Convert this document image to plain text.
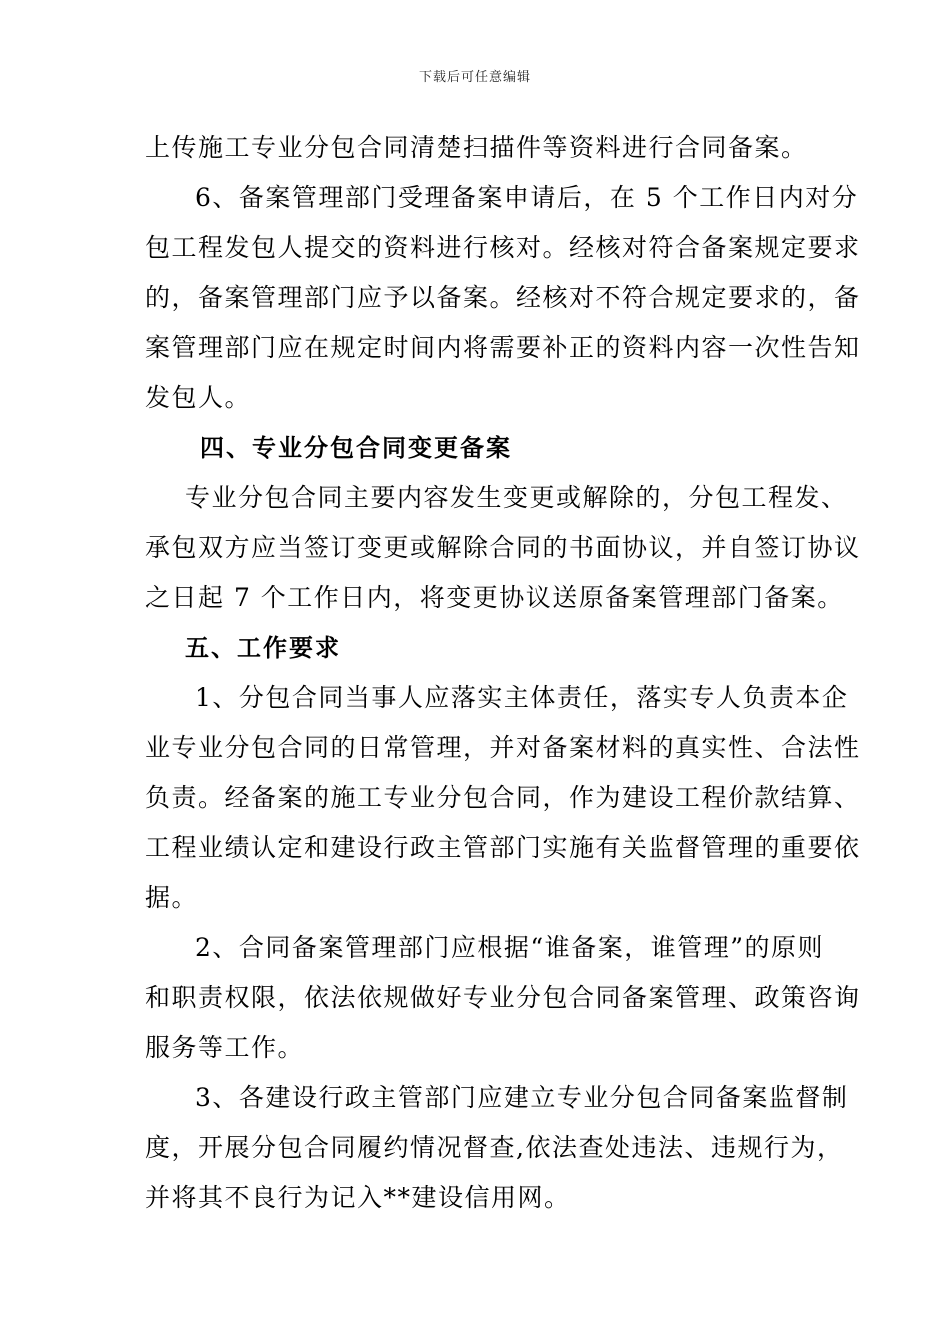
下载后可任意编辑
上传施工专业分包合同清楚扫描件等资料进行合同备案。
6、备案管理部门受理备案申请后，在 5 个工作日内对分
包工程发包人提交的资料进行核对。经核对符合备案规定要求
的，备案管理部门应予以备案。经核对不符合规定要求的，备
案管理部门应在规定时间内将需要补正的资料内容一次性告知
发包人。
四、专业分包合同变更备案
专业分包合同主要内容发生变更或解除的，分包工程发、
承包双方应当签订变更或解除合同的书面协议，并自签订协议
之日起 7 个工作日内，将变更协议送原备案管理部门备案。
五、工作要求
1、分包合同当事人应落实主体责任，落实专人负责本企
业专业分包合同的日常管理，并对备案材料的真实性、合法性
负责。经备案的施工专业分包合同，作为建设工程价款结算、
工程业绩认定和建设行政主管部门实施有关监督管理的重要依
据。
2、合同备案管理部门应根据“谁备案，谁管理”的原则
和职责权限，依法依规做好专业分包合同备案管理、政策咨询
服务等工作。
3、各建设行政主管部门应建立专业分包合同备案监督制
度，开展分包合同履约情况督查,依法查处违法、违规行为，
并将其不良行为记入**建设信用网。
